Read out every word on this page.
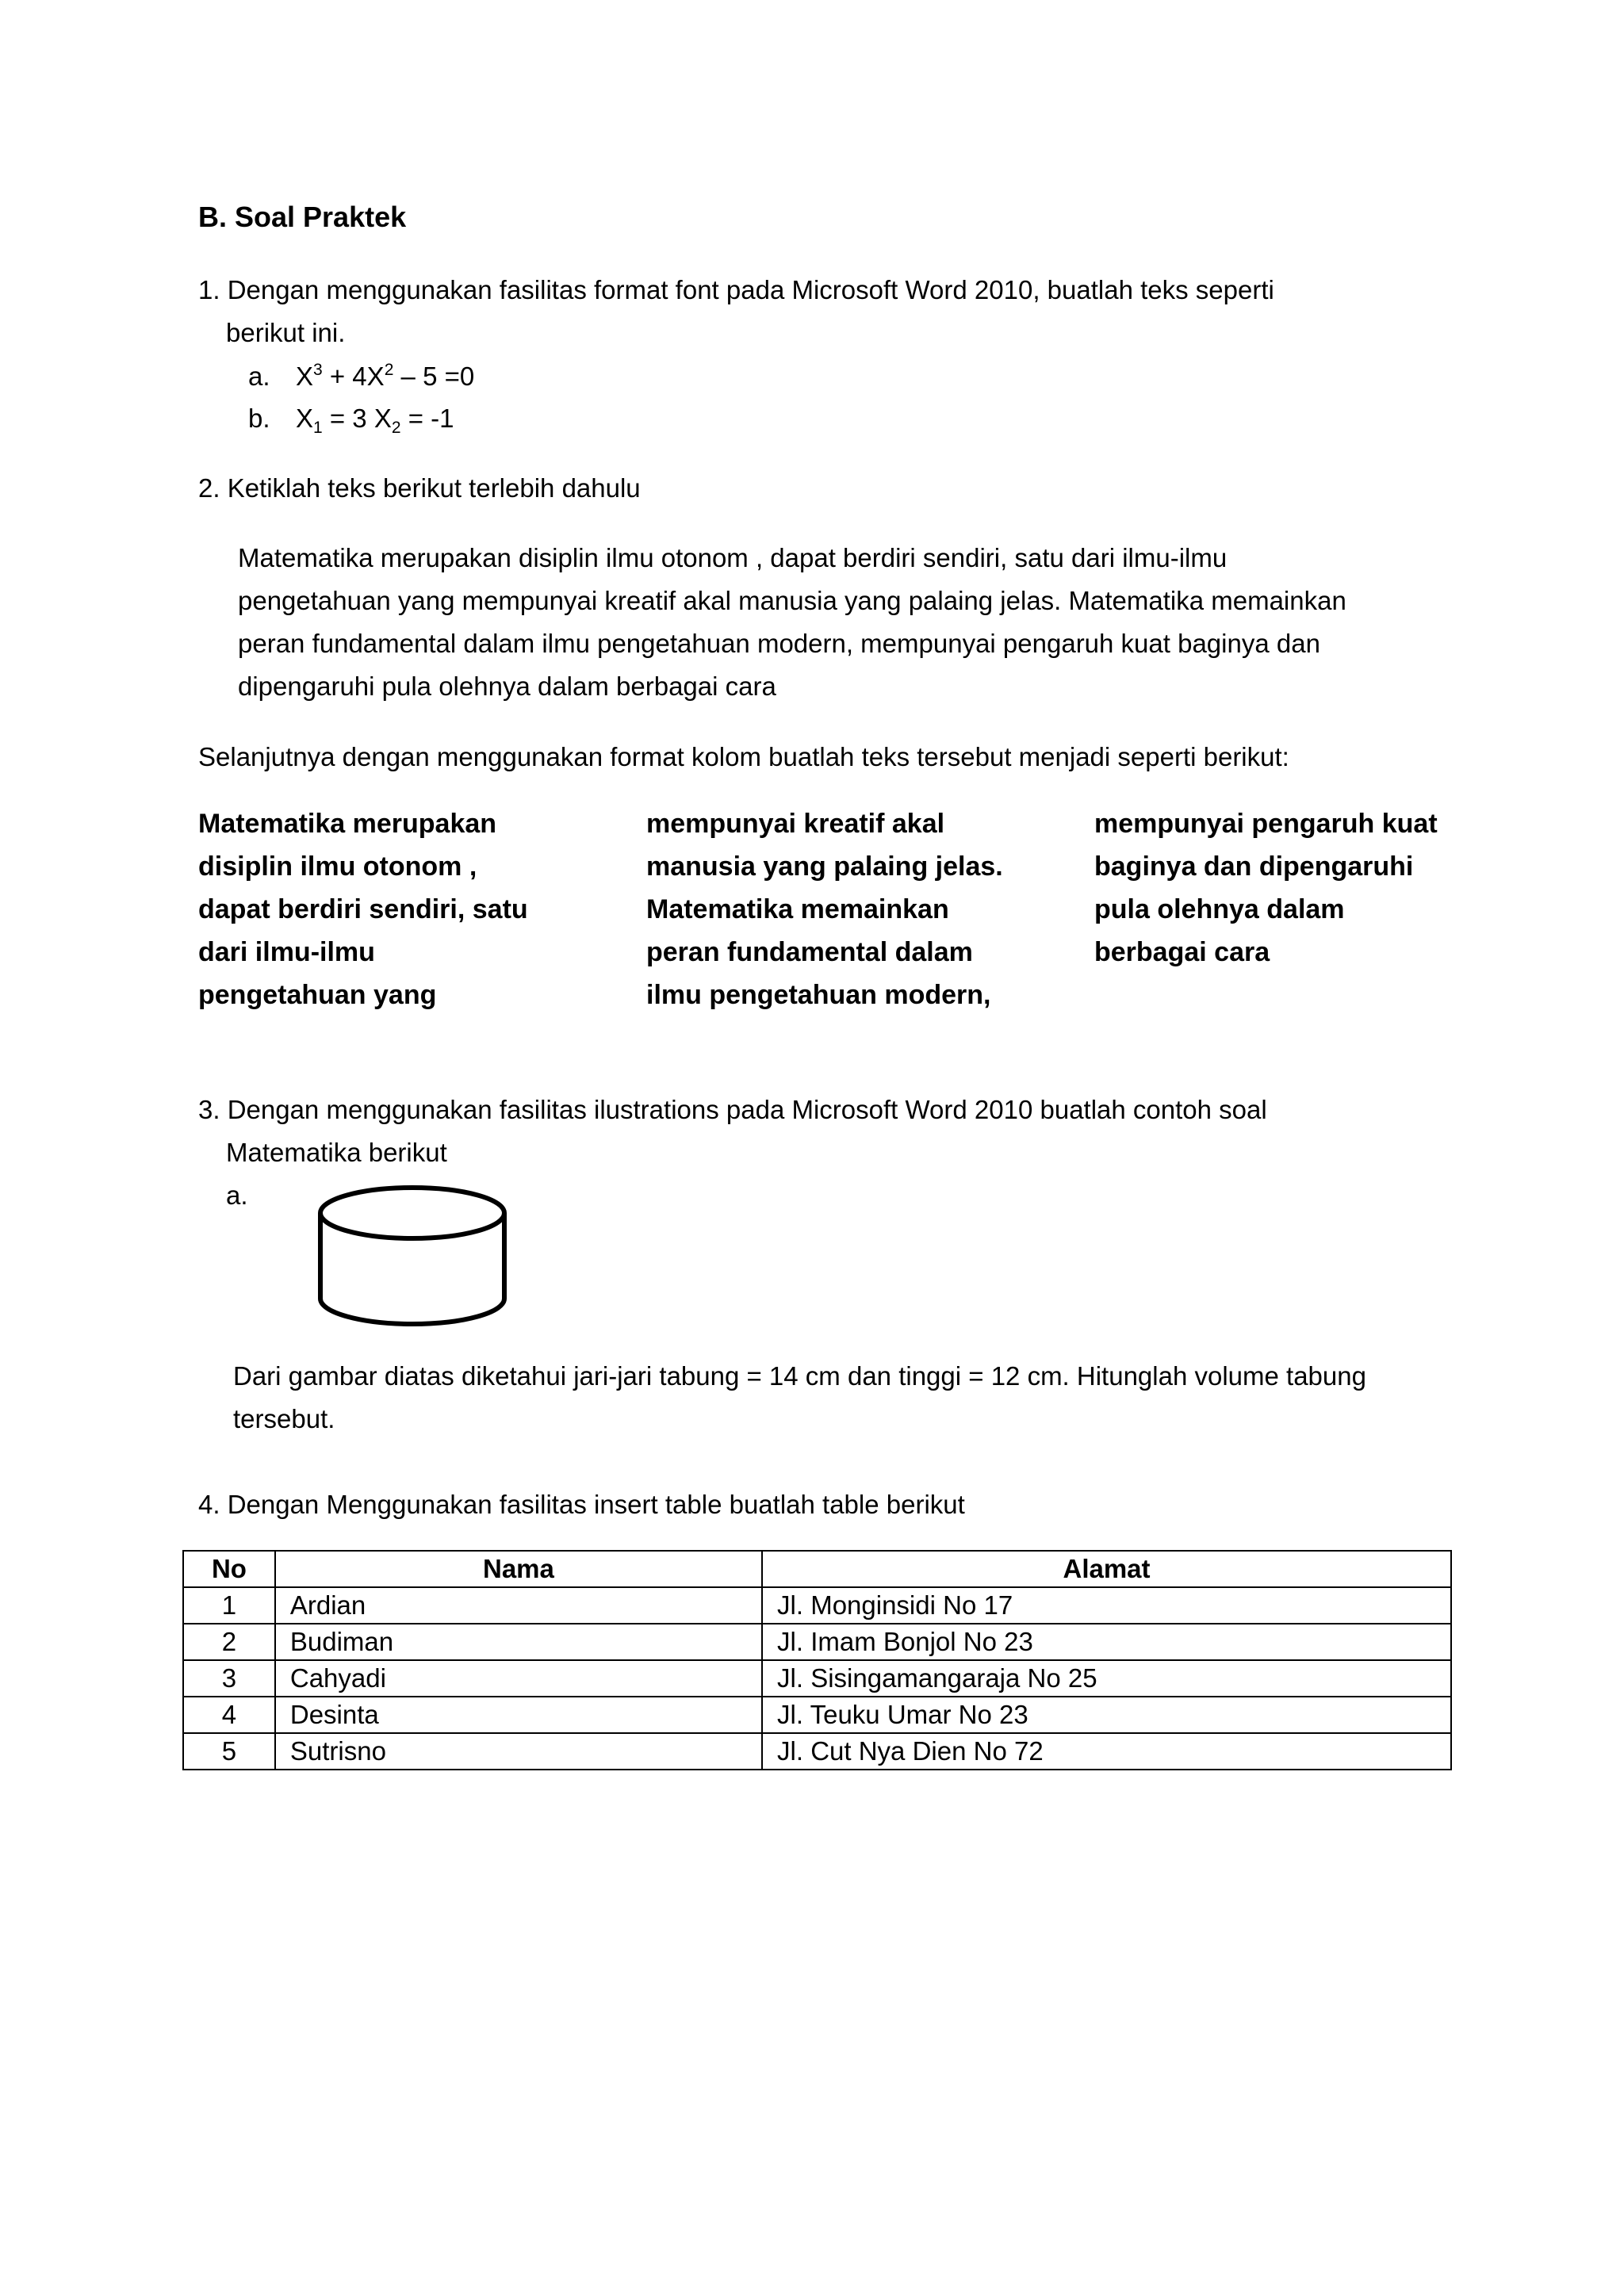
B. Soal Praktek
1. Dengan menggunakan fasilitas format font pada Microsoft Word 2010, buatlah teks seperti
berikut ini.
a. $X^3 + 4X^2 - 5 =0$
b. $X_1 = 3$ $X_2 = -1$
2. Ketiklah teks berikut terlebih dahulu
Matematika merupakan disiplin ilmu otonom , dapat berdiri sendiri, satu dari ilmu-ilmu
pengetahuan yang mempunyai kreatif akal manusia yang palaing jelas. Matematika memainkan
peran fundamental dalam ilmu pengetahuan modern, mempunyai pengaruh kuat baginya dan
dipengaruhi pula olehnya dalam berbagai cara
Selanjutnya dengan menggunakan format kolom buatlah teks tersebut menjadi seperti berikut:
Matematika merupakan
disiplin ilmu otonom ,
dapat berdiri sendiri, satu
dari ilmu-ilmu
pengetahuan yang
mempunyai kreatif akal
manusia yang palaing jelas.
Matematika memainkan
peran fundamental dalam
ilmu pengetahuan modern,
mempunyai pengaruh kuat
baginya dan dipengaruhi
pula olehnya dalam
berbagai cara
3. Dengan menggunakan fasilitas ilustrations pada Microsoft Word 2010 buatlah contoh soal
Matematika berikut
a.
Dari gambar diatas diketahui jari-jari tabung = 14 cm dan tinggi = 12 cm. Hitunglah volume tabung
tersebut.
4. Dengan Menggunakan fasilitas insert table buatlah table berikut
No	Nama	Alamat
1	Ardian	Jl. Monginsidi No 17
2	Budiman	Jl. Imam Bonjol No 23
3	Cahyadi	Jl. Sisingamangaraja No 25
4	Desinta	Jl. Teuku Umar No 23
5	Sutrisno	Jl. Cut Nya Dien No 72
